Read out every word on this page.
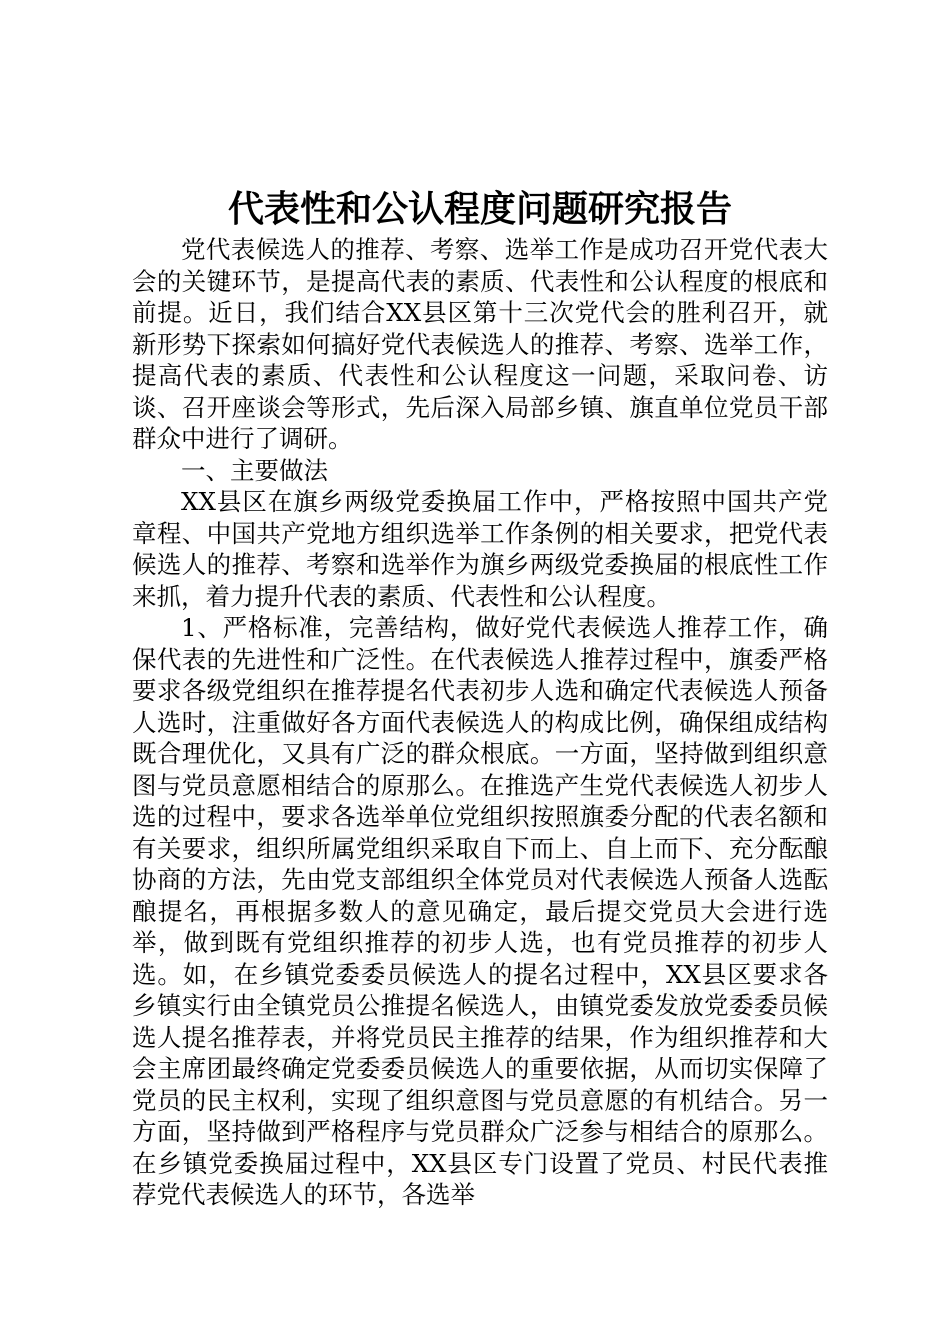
代表性和公认程度问题研究报告

党代表候选人的推荐、考察、选举工作是成功召开党代表大会的关键环节，是提高代表的素质、代表性和公认程度的根底和前提。近日，我们结合XX县区第十三次党代会的胜利召开，就新形势下探索如何搞好党代表候选人的推荐、考察、选举工作，提高代表的素质、代表性和公认程度这一问题，采取问卷、访谈、召开座谈会等形式，先后深入局部乡镇、旗直单位党员干部群众中进行了调研。

一、主要做法

XX县区在旗乡两级党委换届工作中，严格按照中国共产党章程、中国共产党地方组织选举工作条例的相关要求，把党代表候选人的推荐、考察和选举作为旗乡两级党委换届的根底性工作来抓，着力提升代表的素质、代表性和公认程度。

1、严格标准，完善结构，做好党代表候选人推荐工作，确保代表的先进性和广泛性。在代表候选人推荐过程中，旗委严格要求各级党组织在推荐提名代表初步人选和确定代表候选人预备人选时，注重做好各方面代表候选人的构成比例，确保组成结构既合理优化，又具有广泛的群众根底。一方面，坚持做到组织意图与党员意愿相结合的原那么。在推选产生党代表候选人初步人选的过程中，要求各选举单位党组织按照旗委分配的代表名额和有关要求，组织所属党组织采取自下而上、自上而下、充分酝酿协商的方法，先由党支部组织全体党员对代表候选人预备人选酝酿提名，再根据多数人的意见确定，最后提交党员大会进行选举，做到既有党组织推荐的初步人选，也有党员推荐的初步人选。如，在乡镇党委委员候选人的提名过程中，XX县区要求各乡镇实行由全镇党员公推提名候选人，由镇党委发放党委委员候选人提名推荐表，并将党员民主推荐的结果，作为组织推荐和大会主席团最终确定党委委员候选人的重要依据，从而切实保障了党员的民主权利，实现了组织意图与党员意愿的有机结合。另一方面，坚持做到严格程序与党员群众广泛参与相结合的原那么。在乡镇党委换届过程中，XX县区专门设置了党员、村民代表推荐党代表候选人的环节，各选举
